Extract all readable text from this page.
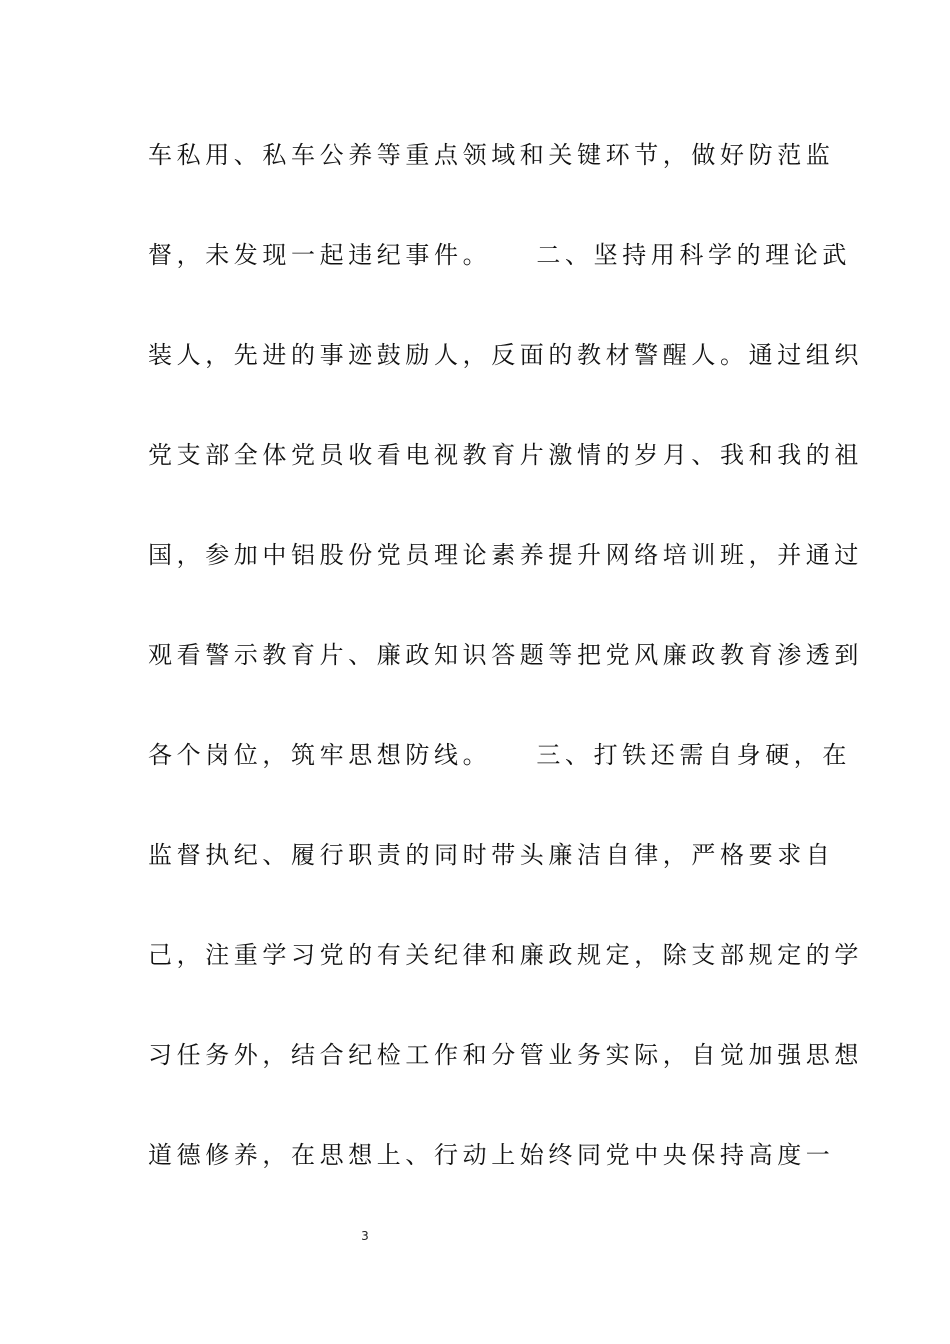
车私用、私车公养等重点领域和关键环节，做好防范监
督，未发现一起违纪事件。　　二、坚持用科学的理论武
装人，先进的事迹鼓励人，反面的教材警醒人。通过组织
党支部全体党员收看电视教育片激情的岁月、我和我的祖
国，参加中铝股份党员理论素养提升网络培训班，并通过
观看警示教育片、廉政知识答题等把党风廉政教育渗透到
各个岗位，筑牢思想防线。　　三、打铁还需自身硬，在
监督执纪、履行职责的同时带头廉洁自律，严格要求自
己，注重学习党的有关纪律和廉政规定，除支部规定的学
习任务外，结合纪检工作和分管业务实际，自觉加强思想
道德修养，在思想上、行动上始终同党中央保持高度一
3
